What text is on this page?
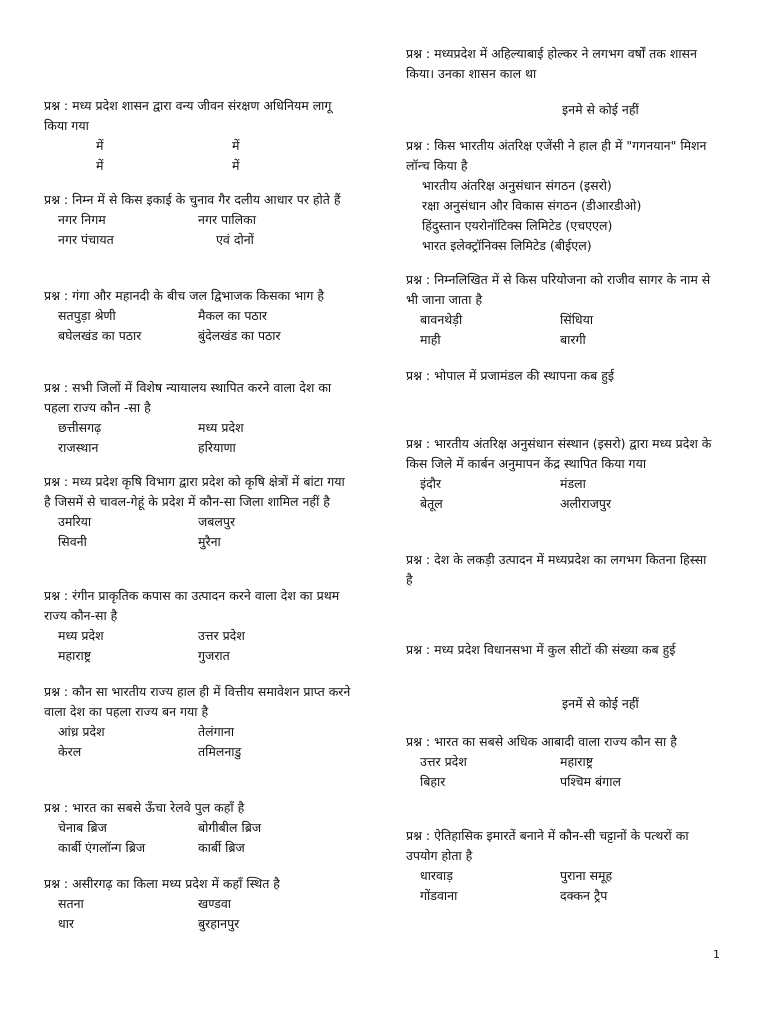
प्रश्न : मध्य प्रदेश शासन द्वारा वन्य जीवन संरक्षण अधिनियम लागू किया गया
में	में
में	में
प्रश्न : निम्न में से किस इकाई के चुनाव गैर दलीय आधार पर होते हैं
नगर निगम	नगर पालिका
नगर पंचायत	एवं दोनों
प्रश्न : गंगा और महानदी के बीच जल द्विभाजक किसका भाग है
सतपुड़ा श्रेणी	मैकल का पठार
बघेलखंड का पठार	बुंदेलखंड का पठार
प्रश्न : सभी जिलों में विशेष न्यायालय स्थापित करने वाला देश का पहला राज्य कौन -सा है
छत्तीसगढ़	मध्य प्रदेश
राजस्थान	हरियाणा
प्रश्न : मध्य प्रदेश कृषि विभाग द्वारा प्रदेश को कृषि क्षेत्रों में बांटा गया है जिसमें से चावल-गेहूं के प्रदेश में कौन-सा जिला शामिल नहीं है
उमरिया	जबलपुर
सिवनी	मुरैना
प्रश्न : रंगीन प्राकृतिक कपास का उत्पादन करने वाला देश का प्रथम राज्य कौन-सा है
मध्य प्रदेश	उत्तर प्रदेश
महाराष्ट्र	गुजरात
प्रश्न : कौन सा भारतीय राज्य हाल ही में वित्तीय समावेशन प्राप्त करने वाला देश का पहला राज्य बन गया है
आंध्र प्रदेश	तेलंगाना
केरल	तमिलनाडु
प्रश्न : भारत का सबसे ऊँचा रेलवे पुल कहाँ है
चेनाब ब्रिज	बोगीबील ब्रिज
कार्बी एंगलॉन्ग ब्रिज	कार्बी ब्रिज
प्रश्न : असीरगढ़ का किला मध्य प्रदेश में कहाँ स्थित है
सतना	खण्डवा
धार	बुरहानपुर
प्रश्न : मध्यप्रदेश में अहिल्याबाई होल्कर ने लगभग वर्षों तक शासन किया। उनका शासन काल था
इनमे से कोई नहीं
प्रश्न : किस भारतीय अंतरिक्ष एजेंसी ने हाल ही में "गगनयान" मिशन लॉन्च किया है
भारतीय अंतरिक्ष अनुसंधान संगठन (इसरो)
रक्षा अनुसंधान और विकास संगठन (डीआरडीओ)
हिंदुस्तान एयरोनॉटिक्स लिमिटेड (एचएएल)
भारत इलेक्ट्रॉनिक्स लिमिटेड (बीईएल)
प्रश्न : निम्नलिखित में से किस परियोजना को राजीव सागर के नाम से भी जाना जाता है
बावनथेड़ी	सिंधिया
माही	बारगी
प्रश्न : भोपाल में प्रजामंडल की स्थापना कब हुई
प्रश्न : भारतीय अंतरिक्ष अनुसंधान संस्थान (इसरो) द्वारा मध्य प्रदेश के किस जिले में कार्बन अनुमापन केंद्र स्थापित किया गया
इंदौर	मंडला
बेतूल	अलीराजपुर
प्रश्न : देश के लकड़ी उत्पादन में मध्यप्रदेश का लगभग कितना हिस्सा है
प्रश्न : मध्य प्रदेश विधानसभा में कुल सीटों की संख्या कब हुई
इनमें से कोई नहीं
प्रश्न : भारत का सबसे अधिक आबादी वाला राज्य कौन सा है
उत्तर प्रदेश	महाराष्ट्र
बिहार	पश्चिम बंगाल
प्रश्न : ऐतिहासिक इमारतें बनाने में कौन-सी चट्टानों के पत्थरों का उपयोग होता है
धारवाड़	पुराना समूह
गोंडवाना	दक्कन ट्रैप
1
